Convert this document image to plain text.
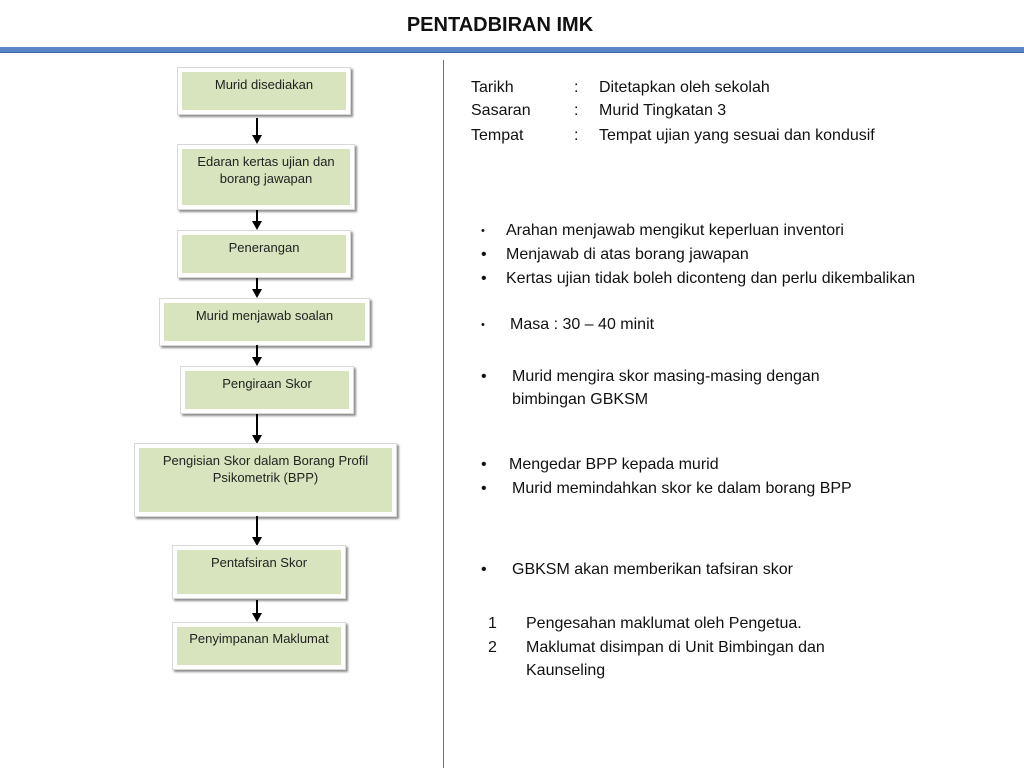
PENTADBIRAN IMK
Murid disediakan
Edaran kertas ujian dan borang jawapan
Penerangan
Murid menjawab soalan
Pengiraan Skor
Pengisian Skor dalam Borang Profil Psikometrik (BPP)
Pentafsiran Skor
Penyimpanan Maklumat
Tarikh	: Ditetapkan oleh sekolah
Sasaran	: Murid Tingkatan 3
Tempat	: Tempat ujian yang sesuai dan kondusif
• Arahan menjawab mengikut keperluan inventori
• Menjawab di atas borang jawapan
• Kertas ujian tidak boleh diconteng dan perlu dikembalikan
• Masa : 30 – 40 minit
• Murid mengira skor masing-masing dengan
bimbingan GBKSM
• Mengedar BPP kepada murid
• Murid memindahkan skor ke dalam borang BPP
• GBKSM akan memberikan tafsiran skor
1 Pengesahan maklumat oleh Pengetua.
2 Maklumat disimpan di Unit Bimbingan dan
Kaunseling
